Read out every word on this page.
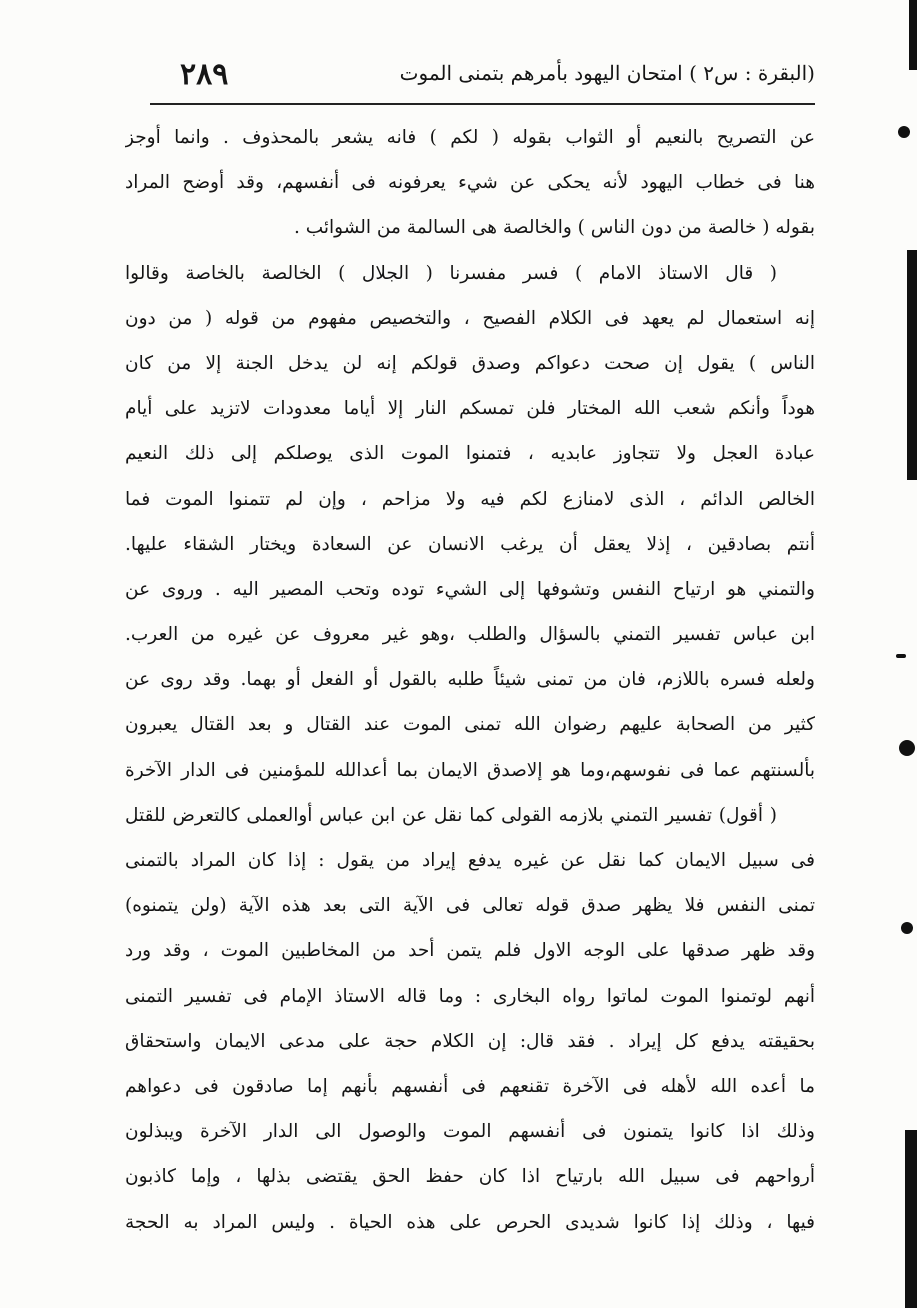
(البقرة : س٢ ) امتحان اليهود بأمرهم بتمنى الموت
٢٨٩
عن التصريح بالنعيم أو الثواب بقوله ( لكم ) فانه يشعر بالمحذوف . وانما أوجز
هنا فى خطاب اليهود لأنه يحكى عن شيء يعرفونه فى أنفسهم، وقد أوضح المراد
بقوله ( خالصة من دون الناس ) والخالصة هى السالمة من الشوائب .
( قال الاستاذ الامام ) فسر مفسرنا ( الجلال ) الخالصة بالخاصة وقالوا
إنه استعمال لم يعهد فى الكلام الفصيح ، والتخصيص مفهوم من قوله ( من دون
الناس ) يقول إن صحت دعواكم وصدق قولكم إنه لن يدخل الجنة إلا من كان
هوداً وأنكم شعب الله المختار فلن تمسكم النار إلا أياما معدودات لاتزيد على أيام
عبادة العجل ولا تتجاوز عابديه ، فتمنوا الموت الذى يوصلكم إلى ذلك النعيم
الخالص الدائم ، الذى لامنازع لكم فيه ولا مزاحم ، وإن لم تتمنوا الموت فما
أنتم بصادقين ، إذلا يعقل أن يرغب الانسان عن السعادة ويختار الشقاء عليها.
والتمني هو ارتياح النفس وتشوفها إلى الشيء توده وتحب المصير اليه . وروى عن
ابن عباس تفسير التمني بالسؤال والطلب ،وهو غير معروف عن غيره من العرب.
ولعله فسره باللازم، فان من تمنى شيئاً طلبه بالقول أو الفعل أو بهما. وقد روى عن
كثير من الصحابة عليهم رضوان الله تمنى الموت عند القتال و بعد القتال يعبرون
بألسنتهم عما فى نفوسهم،وما هو إلاصدق الايمان بما أعدالله للمؤمنين فى الدار الآخرة
( أقول) تفسير التمني بلازمه القولى كما نقل عن ابن عباس أوالعملى كالتعرض للقتل
فى سبيل الايمان كما نقل عن غيره يدفع إيراد من يقول : إذا كان المراد بالتمنى
تمنى النفس فلا يظهر صدق قوله تعالى فى الآية التى بعد هذه الآية (ولن يتمنوه)
وقد ظهر صدقها على الوجه الاول فلم يتمن أحد من المخاطبين الموت ، وقد ورد
أنهم لوتمنوا الموت لماتوا رواه البخارى : وما قاله الاستاذ الإمام فى تفسير التمنى
بحقيقته يدفع كل إيراد . فقد قال: إن الكلام حجة على مدعى الايمان واستحقاق
ما أعده الله لأهله فى الآخرة تقنعهم فى أنفسهم بأنهم إما صادقون فى دعواهم
وذلك اذا كانوا يتمنون فى أنفسهم الموت والوصول الى الدار الآخرة ويبذلون
أرواحهم فى سبيل الله بارتياح اذا كان حفظ الحق يقتضى بذلها ، وإما كاذبون
فيها ، وذلك إذا كانوا شديدى الحرص على هذه الحياة . وليس المراد به الحجة
